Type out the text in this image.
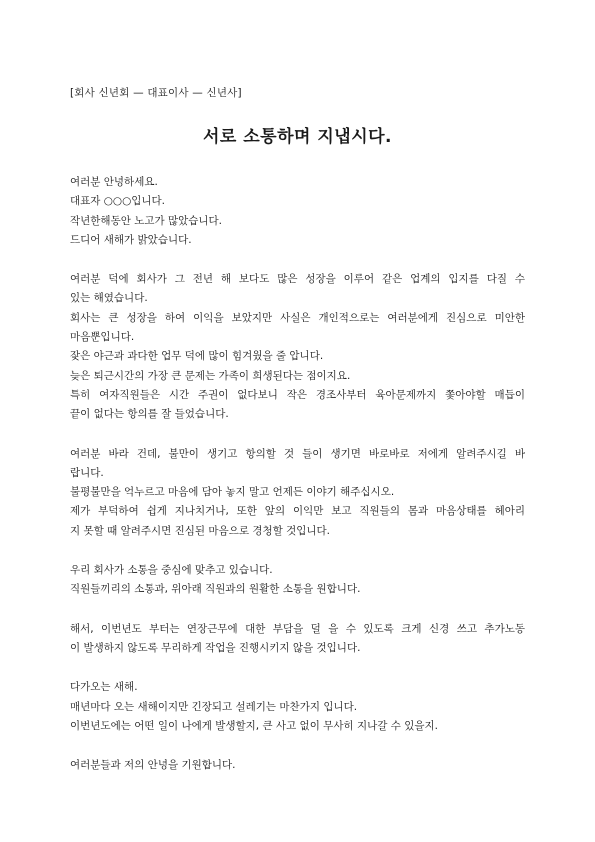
[회사 신년회 — 대표이사 — 신년사]
서로 소통하며 지냅시다.
여러분 안녕하세요.
대표자 ○○○입니다.
작년한해동안 노고가 많았습니다.
드디어 새해가 밝았습니다.
여러분 덕에 회사가 그 전년 해 보다도 많은 성장을 이루어 같은 업계의 입지를 다질 수
있는 해였습니다.
회사는 큰 성장을 하여 이익을 보았지만 사실은 개인적으로는 여러분에게 진심으로 미안한
마음뿐입니다.
잦은 야근과 과다한 업무 덕에 많이 힘겨웠을 줄 압니다.
늦은 퇴근시간의 가장 큰 문제는 가족이 희생된다는 점이지요.
특히 여자직원들은 시간 주권이 없다보니 작은 경조사부터 육아문제까지 쫓아야할 매듭이
끝이 없다는 항의를 잘 들었습니다.
여러분 바라 건데, 불만이 생기고 항의할 것 들이 생기면 바로바로 저에게 알려주시길 바
랍니다.
불평불만을 억누르고 마음에 담아 놓지 말고 언제든 이야기 해주십시오.
제가 부덕하여 쉽게 지나치거나, 또한 앞의 이익만 보고 직원들의 몸과 마음상태를 헤아리
지 못할 때 알려주시면 진심된 마음으로 경청할 것입니다.
우리 회사가 소통을 중심에 맞추고 있습니다.
직원들끼리의 소통과, 위아래 직원과의 원활한 소통을 원합니다.
해서, 이번년도 부터는 연장근무에 대한 부담을 덜 을 수 있도록 크게 신경 쓰고 추가노동
이 발생하지 않도록 무리하게 작업을 진행시키지 않을 것입니다.
다가오는 새해.
매년마다 오는 새해이지만 긴장되고 설레기는 마찬가지 입니다.
이번년도에는 어떤 일이 나에게 발생할지, 큰 사고 없이 무사히 지나갈 수 있을지.
여러분들과 저의 안녕을 기원합니다.
